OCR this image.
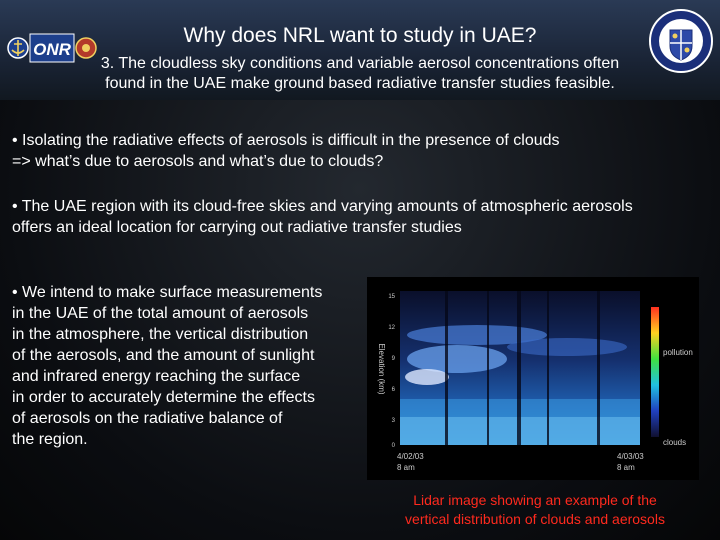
ONR
Why does NRL want to study in UAE?
3. The cloudless sky conditions and variable aerosol concentrations often
found in the UAE make ground based radiative transfer studies feasible.
• Isolating the radiative effects of aerosols is difficult in the presence of clouds
=> what’s due to aerosols and what’s due to clouds?
• The UAE region with its cloud-free skies and varying amounts of atmospheric aerosols
offers an ideal location for carrying out radiative transfer studies
• We intend to make surface measurements
in the UAE of the total amount of aerosols
in the atmosphere, the vertical distribution
of the aerosols, and the amount of sunlight
and infrared energy reaching the surface
in order to accurately determine the effects
of aerosols on the radiative balance of
the region.
pollution
clouds
15
12
9
6
3
0
Elevation (km)
4/02/03
8 am
4/03/03
8 am
Lidar image showing an example of the
vertical distribution of clouds and aerosols
